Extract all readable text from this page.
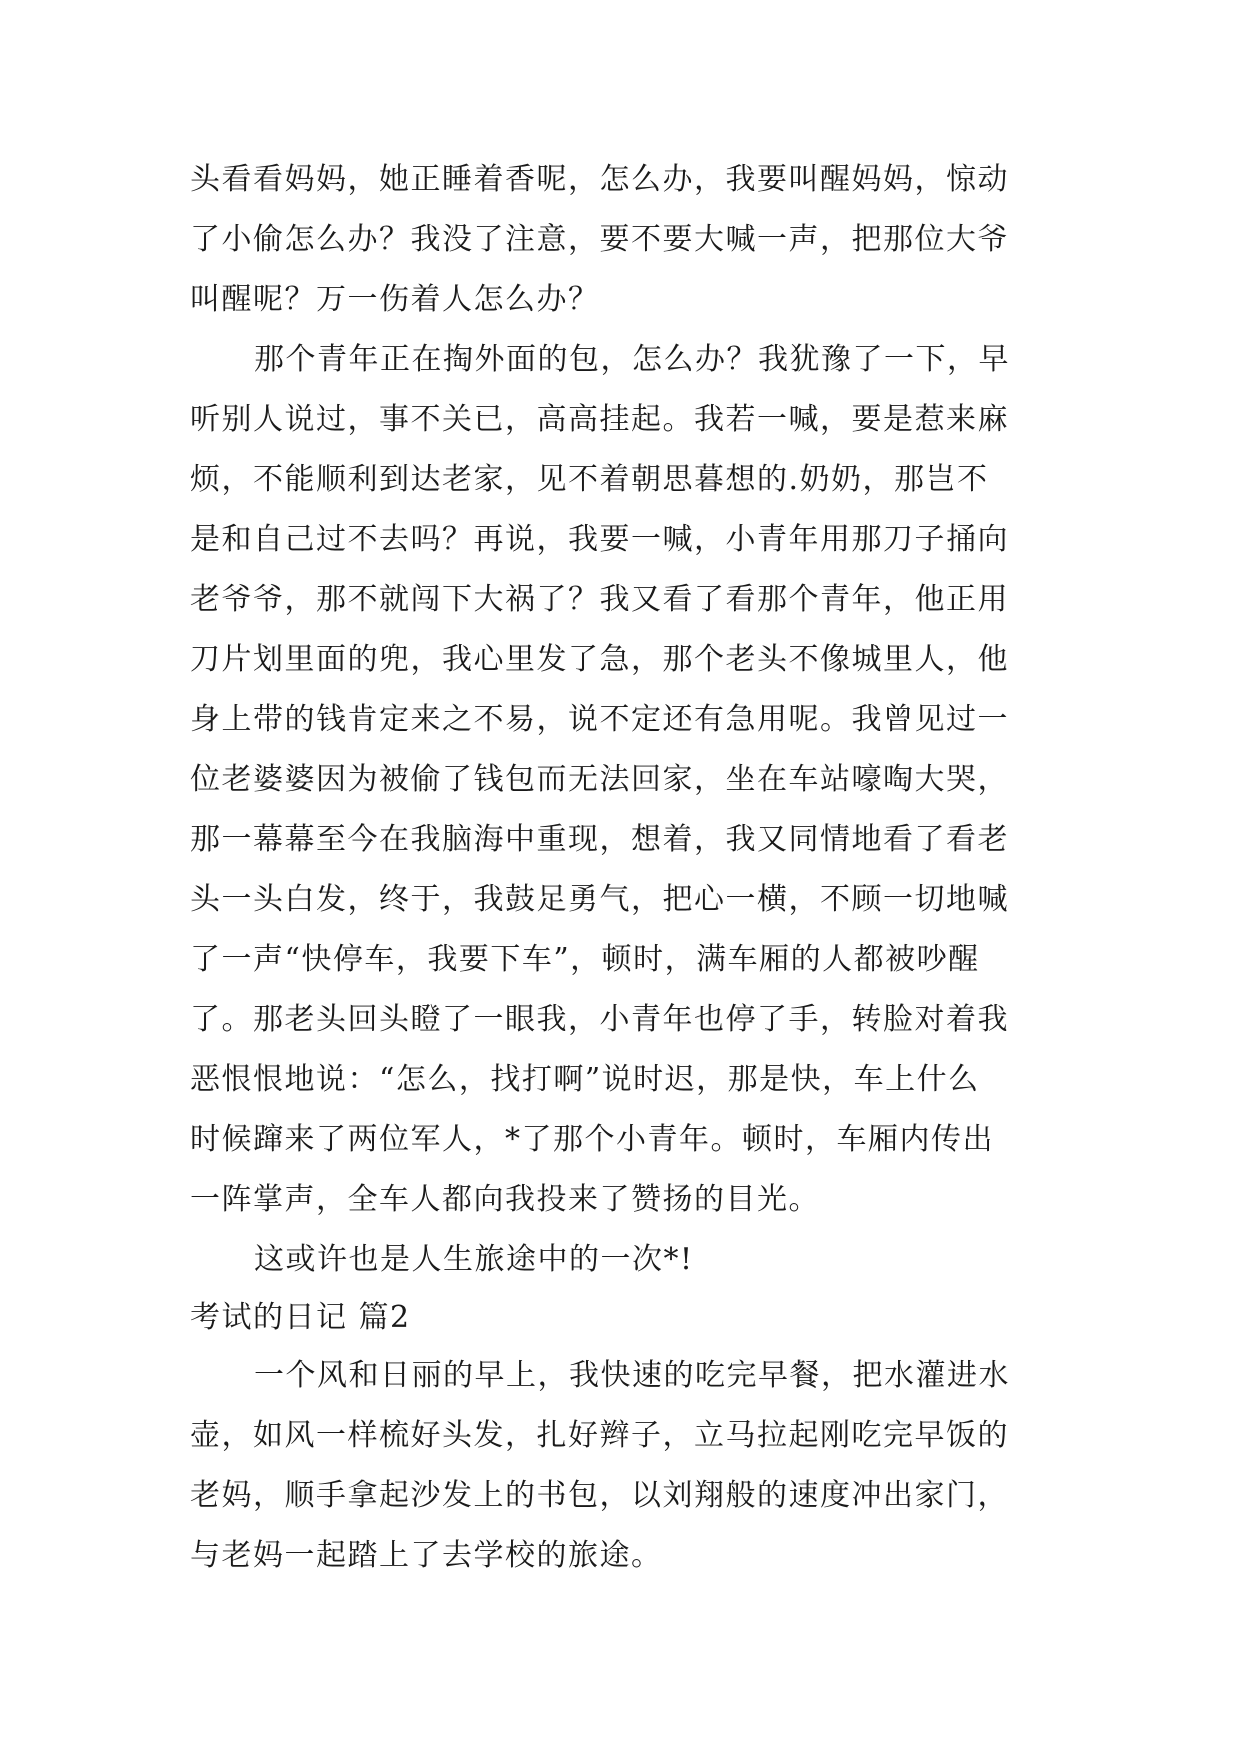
头看看妈妈，她正睡着香呢，怎么办，我要叫醒妈妈，惊动
了小偷怎么办？我没了注意，要不要大喊一声，把那位大爷
叫醒呢？万一伤着人怎么办？
那个青年正在掏外面的包，怎么办？我犹豫了一下，早
听别人说过，事不关已，高高挂起。我若一喊，要是惹来麻
烦，不能顺利到达老家，见不着朝思暮想的.奶奶，那岂不
是和自己过不去吗？再说，我要一喊，小青年用那刀子捅向
老爷爷，那不就闯下大祸了？我又看了看那个青年，他正用
刀片划里面的兜，我心里发了急，那个老头不像城里人，他
身上带的钱肯定来之不易，说不定还有急用呢。我曾见过一
位老婆婆因为被偷了钱包而无法回家，坐在车站嚎啕大哭，
那一幕幕至今在我脑海中重现，想着，我又同情地看了看老
头一头白发，终于，我鼓足勇气，把心一横，不顾一切地喊
了一声“快停车，我要下车”，顿时，满车厢的人都被吵醒
了。那老头回头瞪了一眼我，小青年也停了手，转脸对着我
恶恨恨地说：“怎么，找打啊”说时迟，那是快，车上什么
时候蹿来了两位军人，*了那个小青年。顿时，车厢内传出
一阵掌声，全车人都向我投来了赞扬的目光。
这或许也是人生旅途中的一次*!
考试的日记 篇2
一个风和日丽的早上，我快速的吃完早餐，把水灌进水
壶，如风一样梳好头发，扎好辫子，立马拉起刚吃完早饭的
老妈，顺手拿起沙发上的书包，以刘翔般的速度冲出家门，
与老妈一起踏上了去学校的旅途。
